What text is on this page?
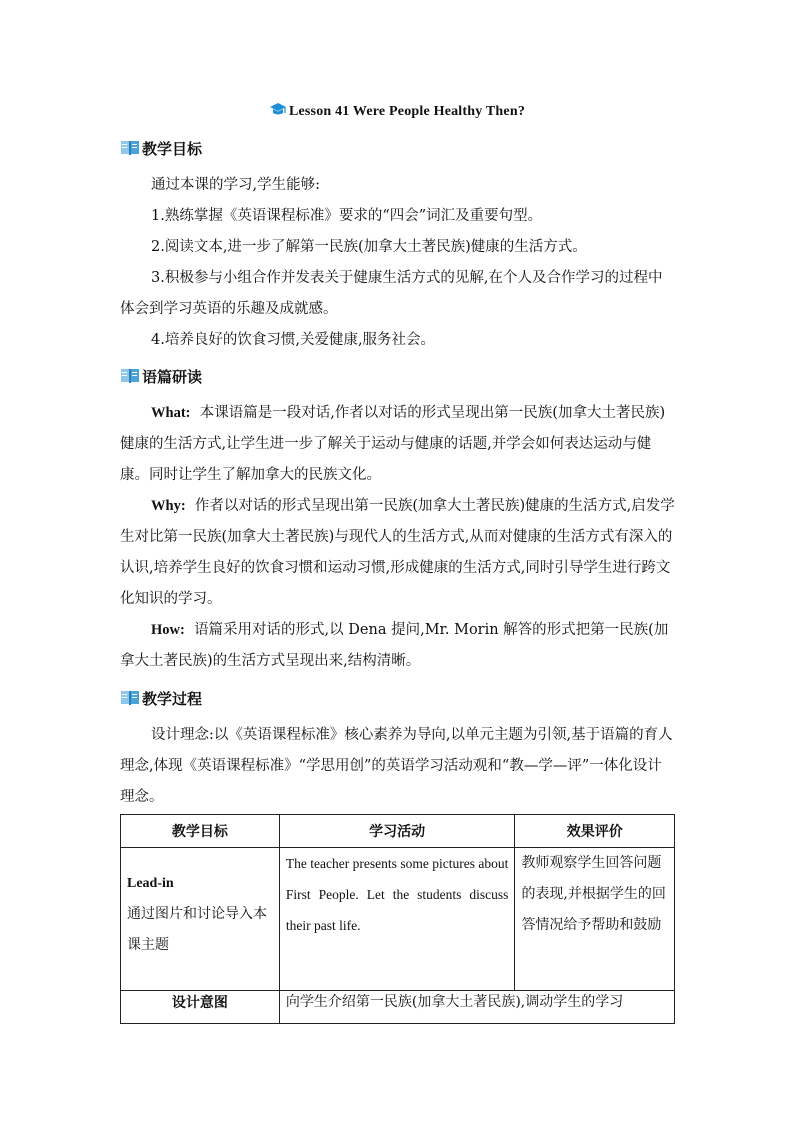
Lesson 41 Were People Healthy Then?
教学目标
通过本课的学习,学生能够:
1.熟练掌握《英语课程标准》要求的“四会”词汇及重要句型。
2.阅读文本,进一步了解第一民族(加拿大土著民族)健康的生活方式。
3.积极参与小组合作并发表关于健康生活方式的见解,在个人及合作学习的过程中体会到学习英语的乐趣及成就感。
4.培养良好的饮食习惯,关爱健康,服务社会。
语篇研读
What: 本课语篇是一段对话,作者以对话的形式呈现出第一民族(加拿大土著民族)健康的生活方式,让学生进一步了解关于运动与健康的话题,并学会如何表达运动与健康。同时让学生了解加拿大的民族文化。
Why: 作者以对话的形式呈现出第一民族(加拿大土著民族)健康的生活方式,启发学生对比第一民族(加拿大土著民族)与现代人的生活方式,从而对健康的生活方式有深入的认识,培养学生良好的饮食习惯和运动习惯,形成健康的生活方式,同时引导学生进行跨文化知识的学习。
How: 语篇采用对话的形式,以 Dena 提问,Mr. Morin 解答的形式把第一民族(加拿大土著民族)的生活方式呈现出来,结构清晰。
教学过程
设计理念:以《英语课程标准》核心素养为导向,以单元主题为引领,基于语篇的育人理念,体现《英语课程标准》“学思用创”的英语学习活动观和“教—学—评”一体化设计理念。
教学目标	学习活动	效果评价

Lead-in
通过图片和讨论导入本课主题	The teacher presents some pictures about First People. Let the students discuss their past life.	教师观察学生回答问题的表现,并根据学生的回答情况给予帮助和鼓励
设计意图	向学生介绍第一民族(加拿大土著民族),调动学生的学习	
